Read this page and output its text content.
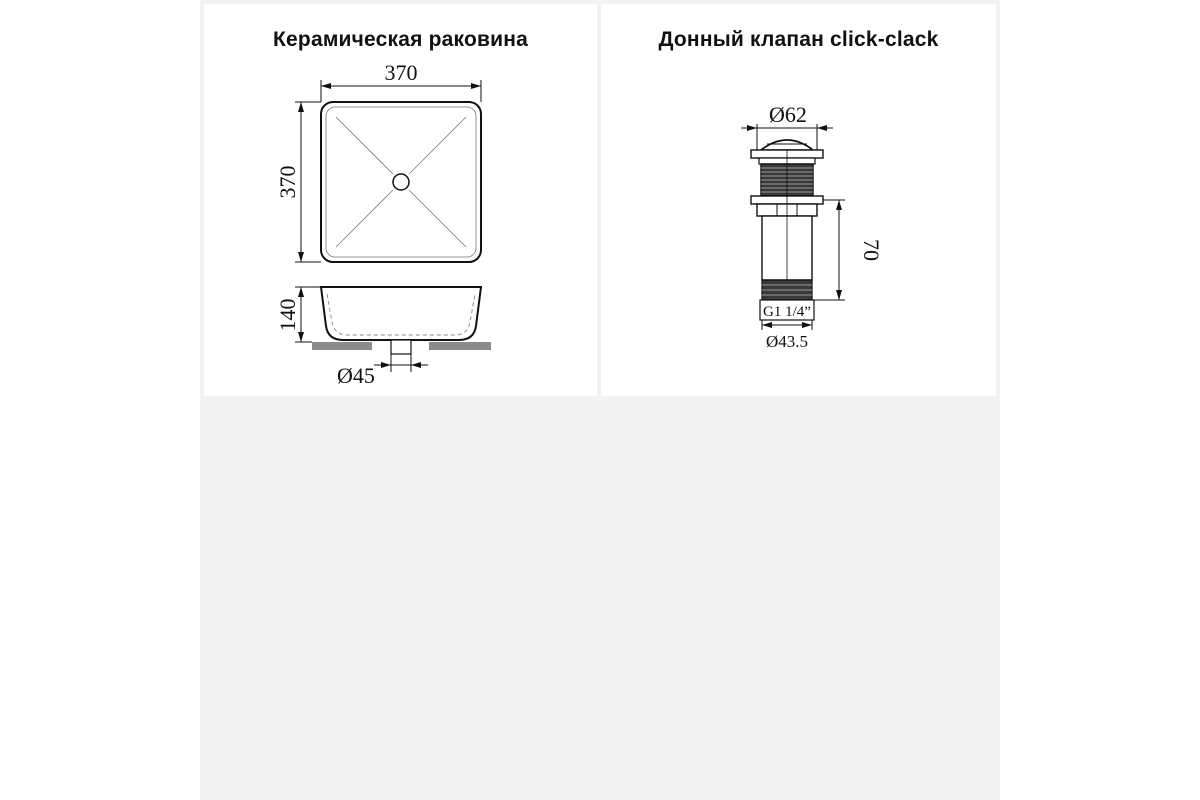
Керамическая раковина
370
370
140
Ø45
Донный клапан click-clack
Ø62
70
G1 1/4”
Ø43.5
